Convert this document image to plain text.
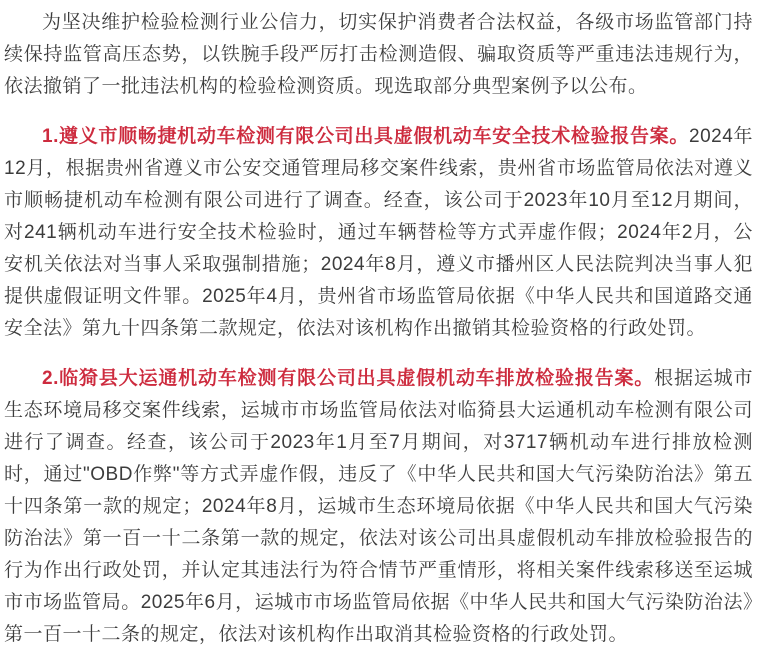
为坚决维护检验检测行业公信力，切实保护消费者合法权益，各级市场监管部门持续保持监管高压态势，以铁腕手段严厉打击检测造假、骗取资质等严重违法违规行为，依法撤销了一批违法机构的检验检测资质。现选取部分典型案例予以公布。

1.遵义市顺畅捷机动车检测有限公司出具虚假机动车安全技术检验报告案。2024年12月，根据贵州省遵义市公安交通管理局移交案件线索，贵州省市场监管局依法对遵义市顺畅捷机动车检测有限公司进行了调查。经查，该公司于2023年10月至12月期间，对241辆机动车进行安全技术检验时，通过车辆替检等方式弄虚作假；2024年2月，公安机关依法对当事人采取强制措施；2024年8月，遵义市播州区人民法院判决当事人犯提供虚假证明文件罪。2025年4月，贵州省市场监管局依据《中华人民共和国道路交通安全法》第九十四条第二款规定，依法对该机构作出撤销其检验资格的行政处罚。

2.临猗县大运通机动车检测有限公司出具虚假机动车排放检验报告案。根据运城市生态环境局移交案件线索，运城市市场监管局依法对临猗县大运通机动车检测有限公司进行了调查。经查，该公司于2023年1月至7月期间，对3717辆机动车进行排放检测时，通过"OBD作弊"等方式弄虚作假，违反了《中华人民共和国大气污染防治法》第五十四条第一款的规定；2024年8月，运城市生态环境局依据《中华人民共和国大气污染防治法》第一百一十二条第一款的规定，依法对该公司出具虚假机动车排放检验报告的行为作出行政处罚，并认定其违法行为符合情节严重情形，将相关案件线索移送至运城市市场监管局。2025年6月，运城市市场监管局依据《中华人民共和国大气污染防治法》第一百一十二条的规定，依法对该机构作出取消其检验资格的行政处罚。
